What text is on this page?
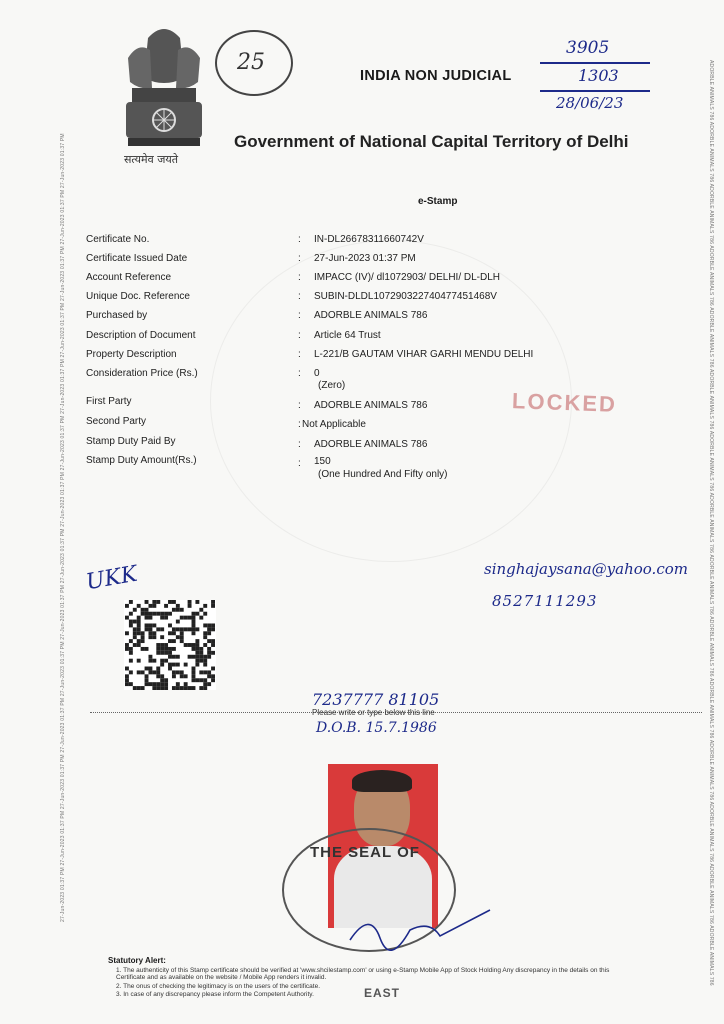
27-Jun-2023 01:37 PM 27-Jun-2023 01:37 PM 27-Jun-2023 01:37 PM 27-Jun-2023 01:37 PM 27-Jun-2023 01:37 PM 27-Jun-2023 01:37 PM 27-Jun-2023 01:37 PM 27-Jun-2023 01:37 PM 27-Jun-2023 01:37 PM 27-Jun-2023 01:37 PM 27-Jun-2023 01:37 PM 27-Jun-2023 01:37 PM 27-Jun-2023 01:37 PM 27-Jun-2023 01:37 PM	ADORBLE ANIMALS 786 ADORBLE ANIMALS 786 ADORBLE ANIMALS 786 ADORBLE ANIMALS 786 ADORBLE ANIMALS 786 ADORBLE ANIMALS 786 ADORBLE ANIMALS 786 ADORBLE ANIMALS 786 ADORBLE ANIMALS 786 ADORBLE ANIMALS 786 ADORBLE ANIMALS 786 ADORBLE ANIMALS 786 ADORBLE ANIMALS 786 ADORBLE ANIMALS 786 ADORBLE ANIMALS 786
सत्यमेव जयते
25
INDIA NON JUDICIAL
Government of National Capital Territory of Delhi
3905
1303
28/06/23
e-Stamp
Certificate No.	: IN-DL26678311660742V
Certificate Issued Date	: 27-Jun-2023 01:37 PM
Account Reference	: IMPACC (IV)/ dl1072903/ DELHI/ DL-DLH
Unique Doc. Reference	: SUBIN-DLDL107290322740477451468V
Purchased by	: ADORBLE ANIMALS 786
Description of Document	: Article 64 Trust
Property Description	: L-221/B GAUTAM VIHAR GARHI MENDU DELHI
Consideration Price (Rs.)	: 0
(Zero)
First Party	: ADORBLE ANIMALS 786
Second Party	: Not Applicable
Stamp Duty Paid By	: ADORBLE ANIMALS 786
Stamp Duty Amount(Rs.)	: 150
(One Hundred And Fifty only)
LOCKED
UKK	singhajaysana@yahoo.com
8527111293
7237777 81105
Please write or type below this line
D.O.B. 15.7.1986
THE SEAL OF
Statutory Alert:
1. The authenticity of this Stamp certificate should be verified at 'www.shcilestamp.com' or using e-Stamp Mobile App of Stock Holding Any discrepancy in the details on this Certificate and as available on the website / Mobile App renders it invalid.
2. The onus of checking the legitimacy is on the users of the certificate.
3. In case of any discrepancy please inform the Competent Authority.	EAST
